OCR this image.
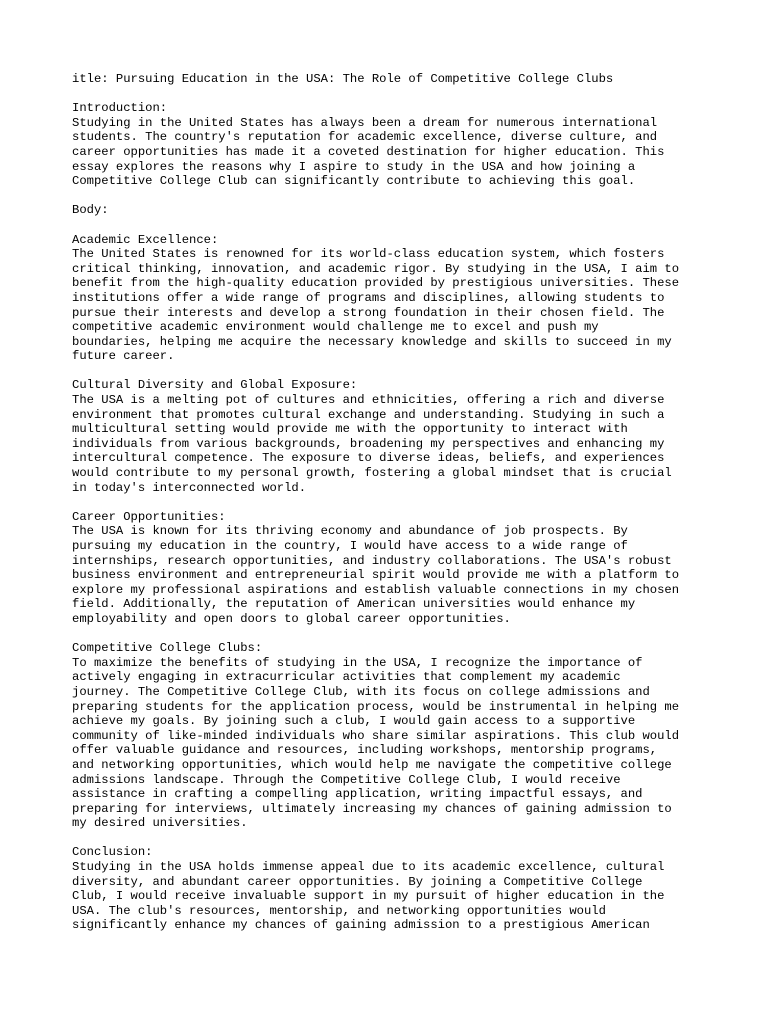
itle: Pursuing Education in the USA: The Role of Competitive College Clubs
Introduction:
Studying in the United States has always been a dream for numerous international
students. The country's reputation for academic excellence, diverse culture, and
career opportunities has made it a coveted destination for higher education. This
essay explores the reasons why I aspire to study in the USA and how joining a
Competitive College Club can significantly contribute to achieving this goal.
Body:
Academic Excellence:
The United States is renowned for its world-class education system, which fosters
critical thinking, innovation, and academic rigor. By studying in the USA, I aim to
benefit from the high-quality education provided by prestigious universities. These
institutions offer a wide range of programs and disciplines, allowing students to
pursue their interests and develop a strong foundation in their chosen field. The
competitive academic environment would challenge me to excel and push my
boundaries, helping me acquire the necessary knowledge and skills to succeed in my
future career.
Cultural Diversity and Global Exposure:
The USA is a melting pot of cultures and ethnicities, offering a rich and diverse
environment that promotes cultural exchange and understanding. Studying in such a
multicultural setting would provide me with the opportunity to interact with
individuals from various backgrounds, broadening my perspectives and enhancing my
intercultural competence. The exposure to diverse ideas, beliefs, and experiences
would contribute to my personal growth, fostering a global mindset that is crucial
in today's interconnected world.
Career Opportunities:
The USA is known for its thriving economy and abundance of job prospects. By
pursuing my education in the country, I would have access to a wide range of
internships, research opportunities, and industry collaborations. The USA's robust
business environment and entrepreneurial spirit would provide me with a platform to
explore my professional aspirations and establish valuable connections in my chosen
field. Additionally, the reputation of American universities would enhance my
employability and open doors to global career opportunities.
Competitive College Clubs:
To maximize the benefits of studying in the USA, I recognize the importance of
actively engaging in extracurricular activities that complement my academic
journey. The Competitive College Club, with its focus on college admissions and
preparing students for the application process, would be instrumental in helping me
achieve my goals. By joining such a club, I would gain access to a supportive
community of like-minded individuals who share similar aspirations. This club would
offer valuable guidance and resources, including workshops, mentorship programs,
and networking opportunities, which would help me navigate the competitive college
admissions landscape. Through the Competitive College Club, I would receive
assistance in crafting a compelling application, writing impactful essays, and
preparing for interviews, ultimately increasing my chances of gaining admission to
my desired universities.
Conclusion:
Studying in the USA holds immense appeal due to its academic excellence, cultural
diversity, and abundant career opportunities. By joining a Competitive College
Club, I would receive invaluable support in my pursuit of higher education in the
USA. The club's resources, mentorship, and networking opportunities would
significantly enhance my chances of gaining admission to a prestigious American
